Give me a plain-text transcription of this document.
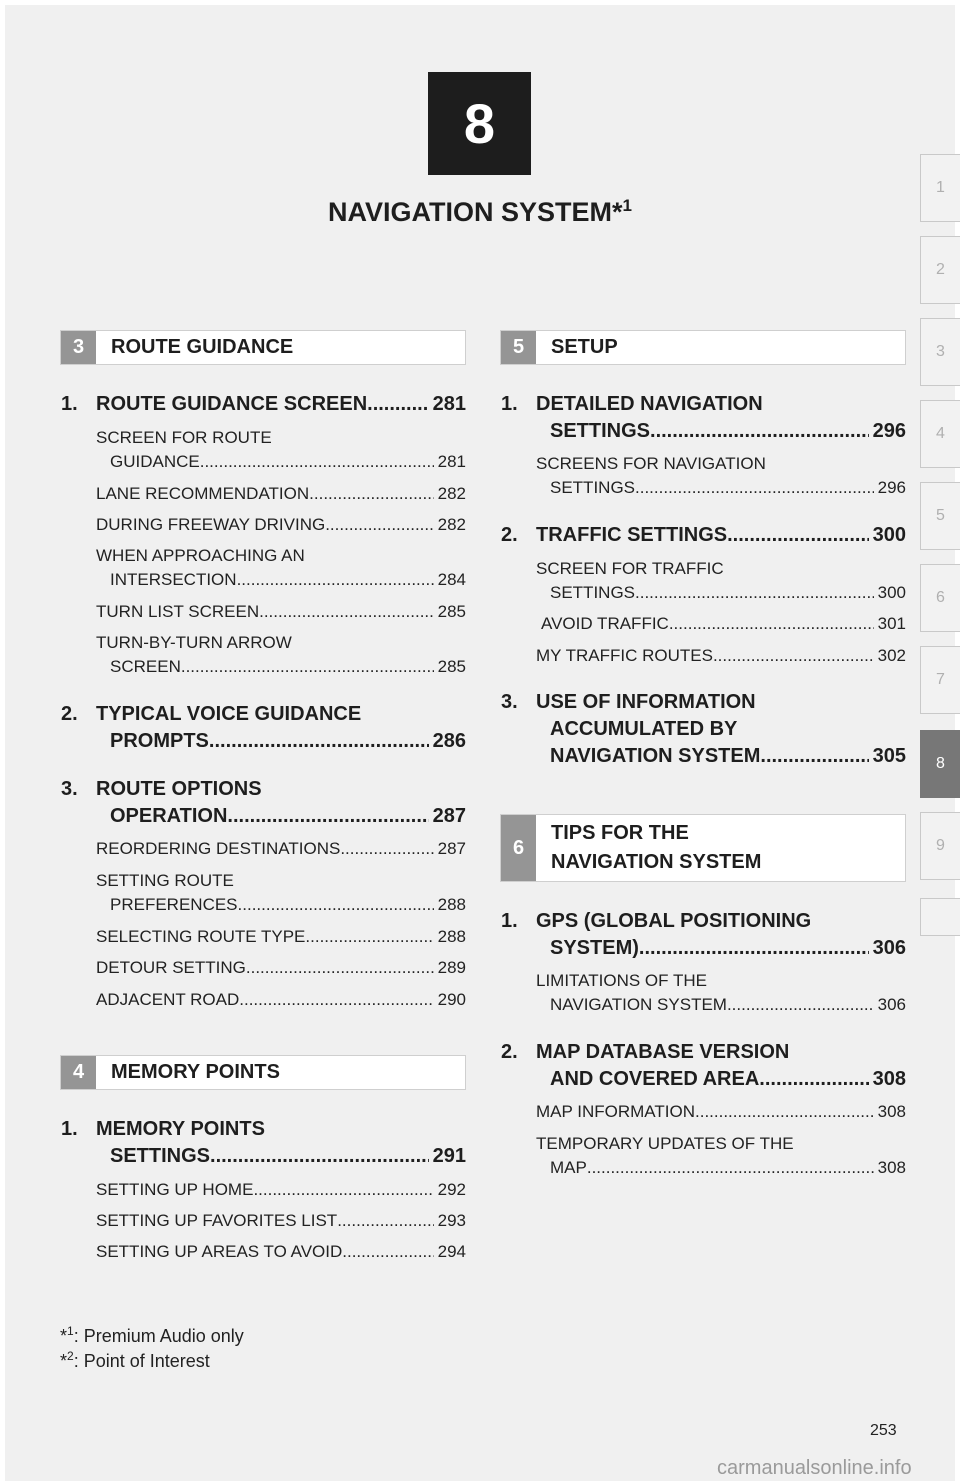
8
NAVIGATION SYSTEM*$^1$
1
2
3
4
5
6
7
8
9
3	ROUTE GUIDANCE
1. ROUTE GUIDANCE SCREEN .....	281
SCREEN FOR ROUTE
GUIDANCE .....	281
LANE RECOMMENDATION .....	282
DURING FREEWAY DRIVING .....	282
WHEN APPROACHING AN
INTERSECTION .....	284
TURN LIST SCREEN .....	285
TURN-BY-TURN ARROW
SCREEN .....	285
2. TYPICAL VOICE GUIDANCE
PROMPTS .....	286
3. ROUTE OPTIONS
OPERATION .....	287
REORDERING DESTINATIONS .....	287
SETTING ROUTE
PREFERENCES .....	288
SELECTING ROUTE TYPE .....	288
DETOUR SETTING .....	289
ADJACENT ROAD .....	290
4	MEMORY POINTS
1. MEMORY POINTS
SETTINGS .....	291
SETTING UP HOME .....	292
SETTING UP FAVORITES LIST .....	293
SETTING UP AREAS TO AVOID .....	294
5	SETUP
1. DETAILED NAVIGATION
SETTINGS .....	296
SCREENS FOR NAVIGATION
SETTINGS .....	296
2. TRAFFIC SETTINGS .....	300
SCREEN FOR TRAFFIC
SETTINGS .....	300
AVOID TRAFFIC .....	301
MY TRAFFIC ROUTES .....	302
3. USE OF INFORMATION
ACCUMULATED BY
NAVIGATION SYSTEM .....	305
6
TIPS FOR THE
NAVIGATION SYSTEM
1. GPS (GLOBAL POSITIONING
SYSTEM) .....	306
LIMITATIONS OF THE
NAVIGATION SYSTEM .....	306
2. MAP DATABASE VERSION
AND COVERED AREA .....	308
MAP INFORMATION .....	308
TEMPORARY UPDATES OF THE
MAP .....	308
*$^1$: Premium Audio only
*$^2$: Point of Interest
253
carmanualsonline.info
